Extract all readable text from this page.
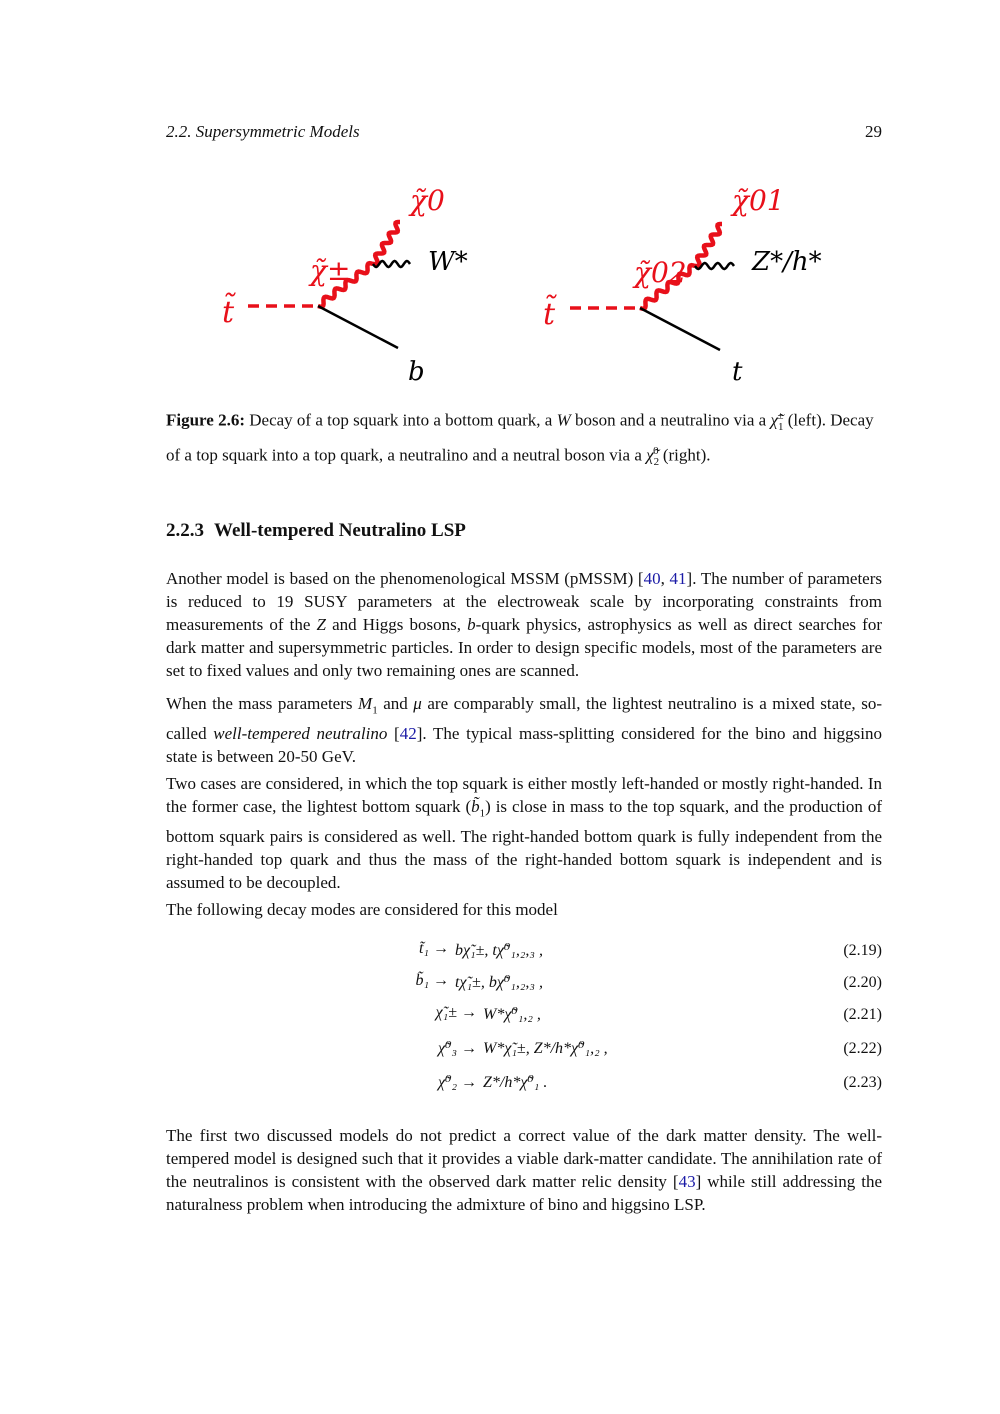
2.2. Supersymmetric Models	29
t̃
χ̃±
χ̃0
W*
b
t̃
χ̃02
χ̃01
Z*/h*
t
Figure 2.6: Decay of a top squark into a bottom quark, a W boson and a neutralino via a $\chĩ_1^\pm$ (left). Decay of a top squark into a top quark, a neutralino and a neutral boson via a $\chĩ_2^0$ (right).
2.2.3 Well-tempered Neutralino LSP
Another model is based on the phenomenological MSSM (pMSSM) [40, 41]. The number of parameters is reduced to 19 SUSY parameters at the electroweak scale by incorporating constraints from measurements of the Z and Higgs bosons, b-quark physics, astrophysics as well as direct searches for dark matter and supersymmetric particles. In order to design specific models, most of the parameters are set to fixed values and only two remaining ones are scanned.
When the mass parameters $M_1$ and μ are comparably small, the lightest neutralino is a mixed state, so-called well-tempered neutralino [42]. The typical mass-splitting considered for the bino and higgsino state is between 20-50 GeV.
Two cases are considered, in which the top squark is either mostly left-handed or mostly right-handed. In the former case, the lightest bottom squark $(b̃_1)$ is close in mass to the top squark, and the production of bottom squark pairs is considered as well. The right-handed bottom quark is fully independent from the right-handed top quark and thus the mass of the right-handed bottom squark is independent and is assumed to be decoupled.
The following decay modes are considered for this model
t̃₁ → bχ̃₁±, tχ̃⁰₁,₂,₃ ,	(2.19)
b̃₁ → tχ̃₁±, bχ̃⁰₁,₂,₃ ,	(2.20)
χ̃₁± → W*χ̃⁰₁,₂ ,	(2.21)
χ̃⁰₃ → W*χ̃₁±, Z*/h*χ̃⁰₁,₂ ,	(2.22)
χ̃⁰₂ → Z*/h*χ̃⁰₁ .	(2.23)
The first two discussed models do not predict a correct value of the dark matter density. The well-tempered model is designed such that it provides a viable dark-matter candidate. The annihilation rate of the neutralinos is consistent with the observed dark matter relic density [43] while still addressing the naturalness problem when introducing the admixture of bino and higgsino LSP.
